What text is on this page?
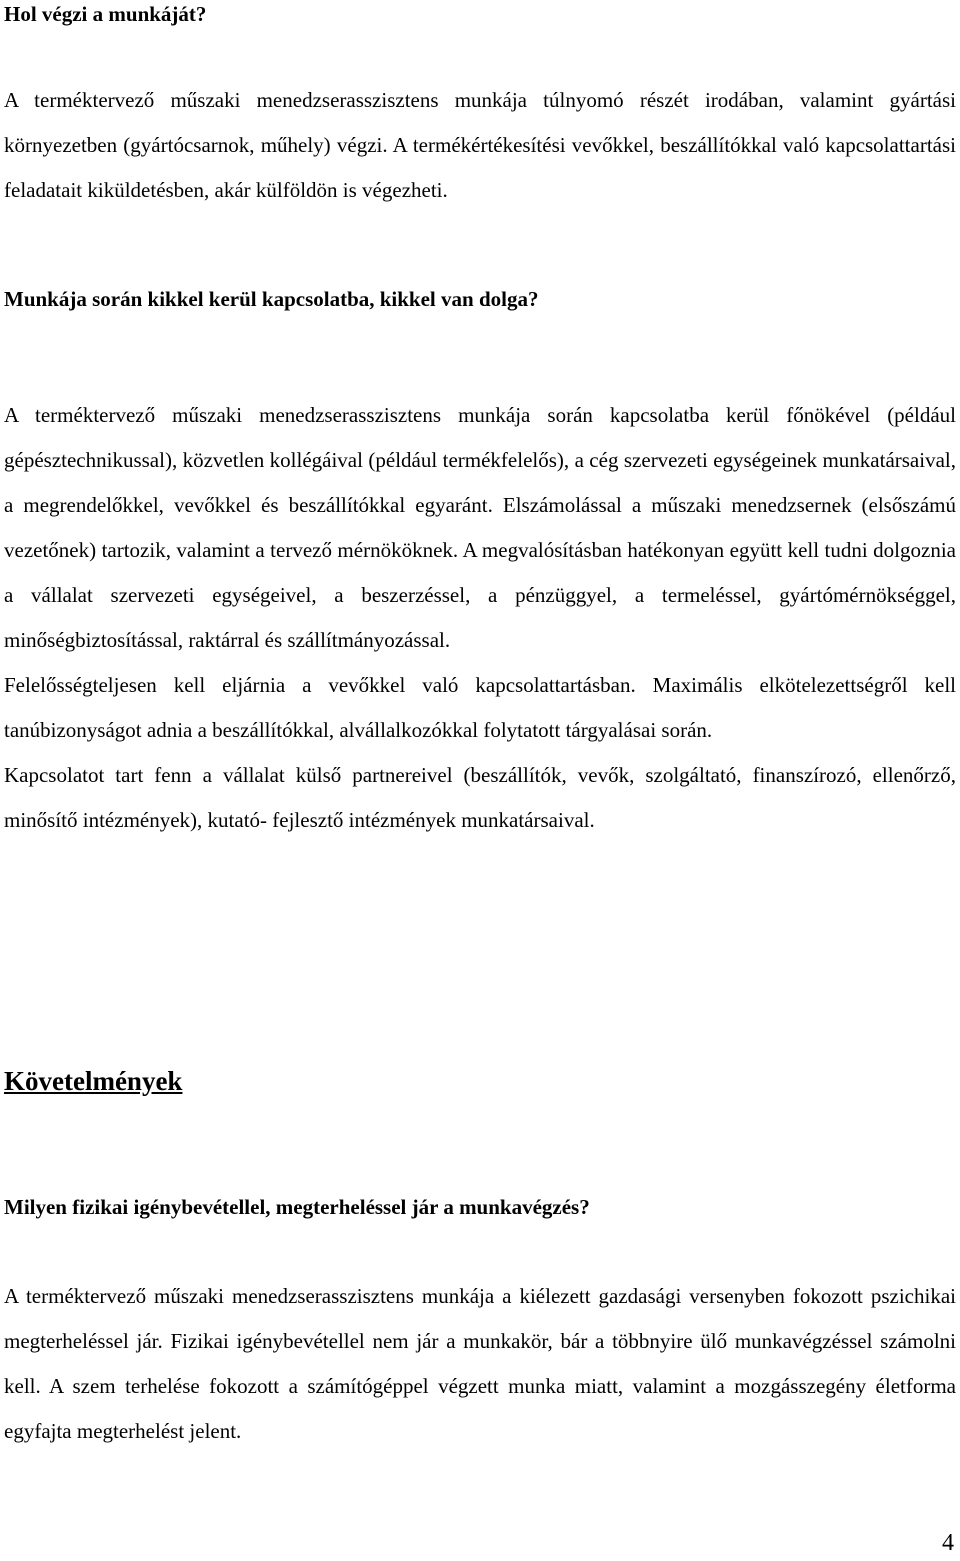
Hol végzi a munkáját?

A terméktervező műszaki menedzserasszisztens munkája túlnyomó részét irodában, valamint gyártási környezetben (gyártócsarnok, műhely) végzi. A termékértékesítési vevőkkel, beszállítókkal való kapcsolattartási feladatait kiküldetésben, akár külföldön is végezheti.

Munkája során kikkel kerül kapcsolatba, kikkel van dolga?

A terméktervező műszaki menedzserasszisztens munkája során kapcsolatba kerül főnökével (például gépésztechnikussal), közvetlen kollégáival (például termékfelelős), a cég szervezeti egységeinek munkatársaival, a megrendelőkkel, vevőkkel és beszállítókkal egyaránt. Elszámolással a műszaki menedzsernek (elsőszámú vezetőnek) tartozik, valamint a tervező mérnököknek. A megvalósításban hatékonyan együtt kell tudni dolgoznia a vállalat szervezeti egységeivel, a beszerzéssel, a pénzüggyel, a termeléssel, gyártómérnökséggel, minőségbiztosítással, raktárral és szállítmányozással.

Felelősségteljesen kell eljárnia a vevőkkel való kapcsolattartásban. Maximális elkötelezettségről kell tanúbizonyságot adnia a beszállítókkal, alvállalkozókkal folytatott tárgyalásai során.

Kapcsolatot tart fenn a vállalat külső partnereivel (beszállítók, vevők, szolgáltató, finanszírozó, ellenőrző, minősítő intézmények), kutató- fejlesztő intézmények munkatársaival.

Követelmények

Milyen fizikai igénybevétellel, megterheléssel jár a munkavégzés?

A terméktervező műszaki menedzserasszisztens munkája a kiélezett gazdasági versenyben fokozott pszichikai megterheléssel jár. Fizikai igénybevétellel nem jár a munkakör, bár a többnyire ülő munkavégzéssel számolni kell. A szem terhelése fokozott a számítógéppel végzett munka miatt, valamint a mozgásszegény életforma egyfajta megterhelést jelent.

4
